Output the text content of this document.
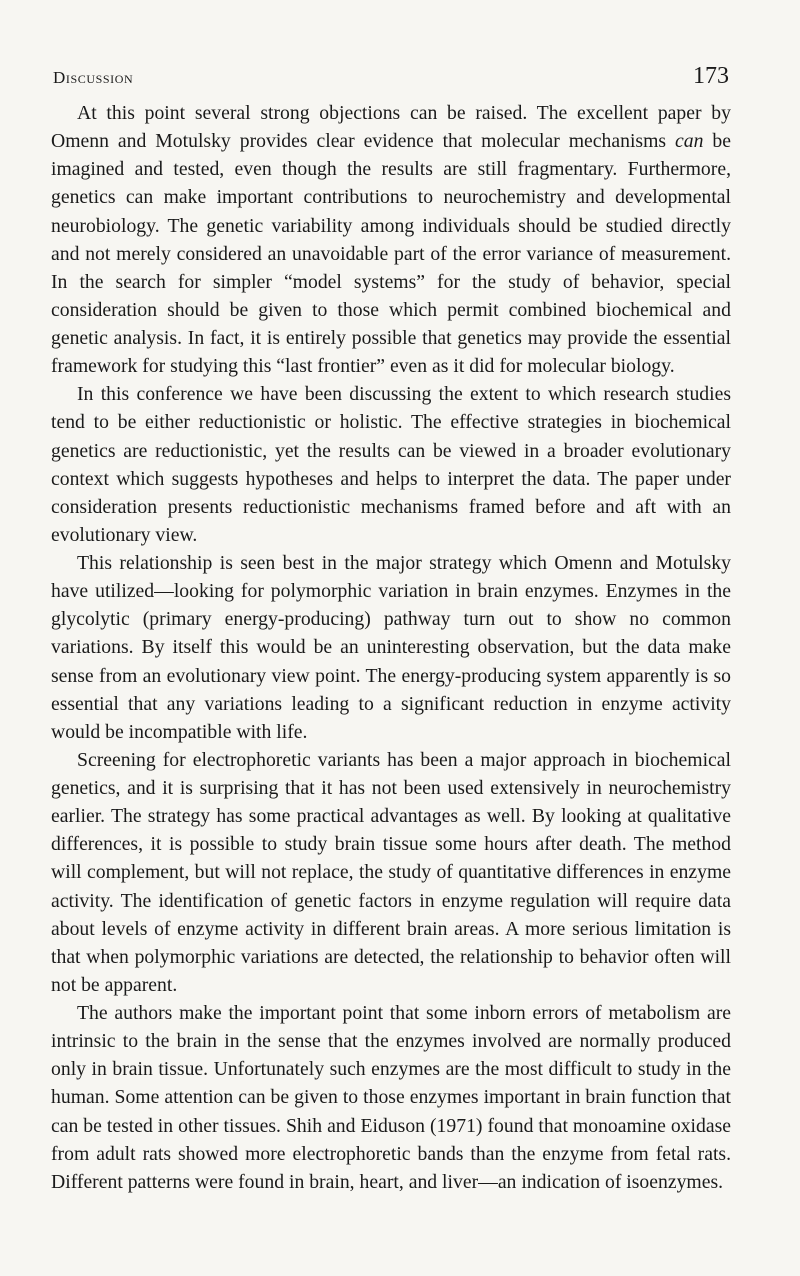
Discussion	173

At this point several strong objections can be raised. The excellent paper by Omenn and Motulsky provides clear evidence that molecular mechanisms can be imagined and tested, even though the results are still fragmentary. Furthermore, genetics can make important contributions to neurochemistry and developmental neurobiology. The genetic variability among individuals should be studied directly and not merely considered an unavoidable part of the error variance of measurement. In the search for simpler “model systems” for the study of behavior, special consideration should be given to those which permit combined biochemical and genetic analysis. In fact, it is entirely possible that genetics may provide the essential framework for studying this “last frontier” even as it did for molecular biology.

In this conference we have been discussing the extent to which research studies tend to be either reductionistic or holistic. The effective strategies in biochemical genetics are reductionistic, yet the results can be viewed in a broader evolutionary context which suggests hypotheses and helps to interpret the data. The paper under consideration presents reductionistic mechanisms framed before and aft with an evolutionary view.

This relationship is seen best in the major strategy which Omenn and Motulsky have utilized—looking for polymorphic variation in brain enzymes. Enzymes in the glycolytic (primary energy-producing) pathway turn out to show no common variations. By itself this would be an uninteresting observation, but the data make sense from an evolutionary view point. The energy-producing system apparently is so essential that any variations leading to a significant reduction in enzyme activity would be incompatible with life.

Screening for electrophoretic variants has been a major approach in biochemical genetics, and it is surprising that it has not been used extensively in neurochemistry earlier. The strategy has some practical advantages as well. By looking at qualitative differences, it is possible to study brain tissue some hours after death. The method will complement, but will not replace, the study of quantitative differences in enzyme activity. The identification of genetic factors in enzyme regulation will require data about levels of enzyme activity in different brain areas. A more serious limitation is that when polymorphic variations are detected, the relationship to behavior often will not be apparent.

The authors make the important point that some inborn errors of metabolism are intrinsic to the brain in the sense that the enzymes involved are normally produced only in brain tissue. Unfortunately such enzymes are the most difficult to study in the human. Some attention can be given to those enzymes important in brain function that can be tested in other tissues. Shih and Eiduson (1971) found that monoamine oxidase from adult rats showed more electrophoretic bands than the enzyme from fetal rats. Different patterns were found in brain, heart, and liver—an indication of isoenzymes.
